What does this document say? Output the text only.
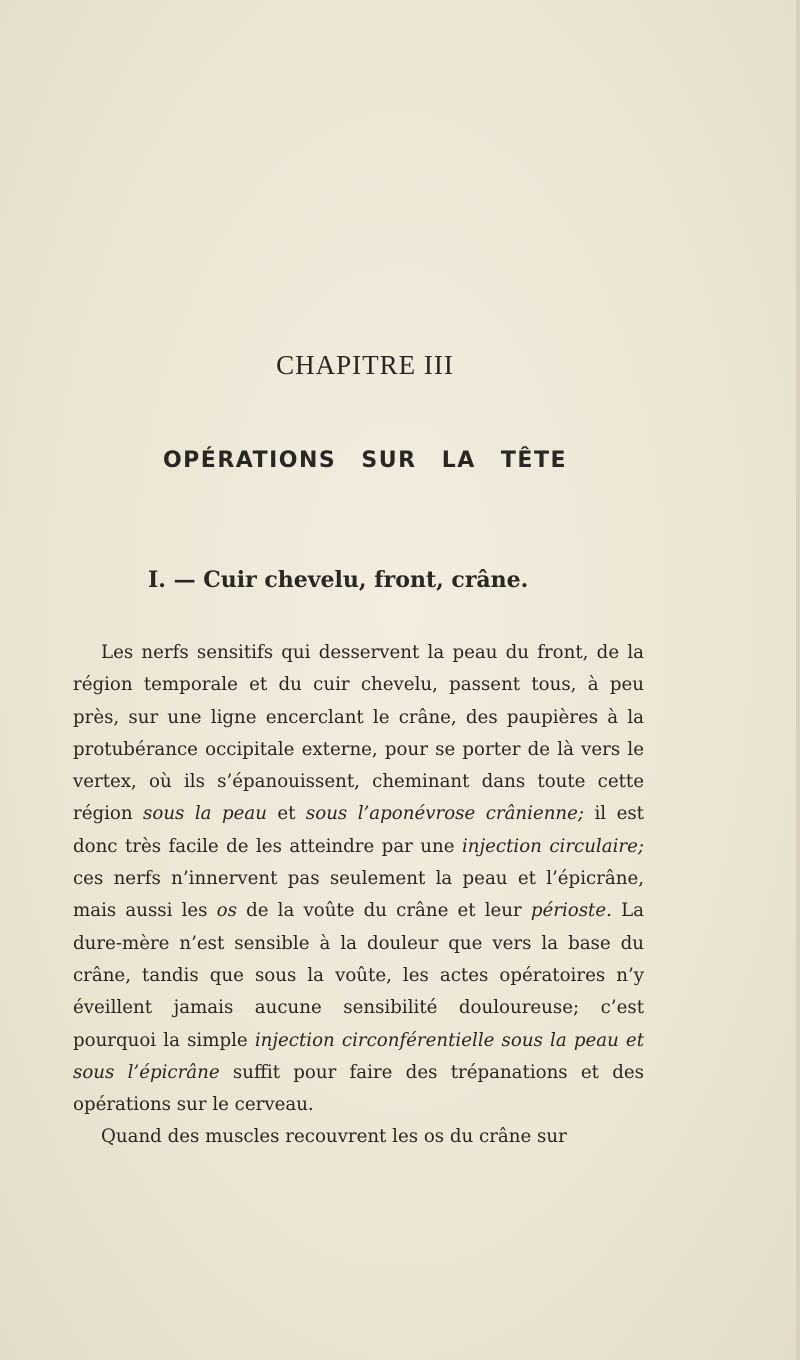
CHAPITRE III
OPÉRATIONS SUR LA TÊTE
I. — Cuir chevelu, front, crâne.

Les nerfs sensitifs qui desservent la peau du front, de la région temporale et du cuir chevelu, passent tous, à peu près, sur une ligne encerclant le crâne, des paupières à la protubérance occipitale externe, pour se porter de là vers le vertex, où ils s’épanouissent, cheminant dans toute cette région sous la peau et sous l’aponévrose crânienne; il est donc très facile de les atteindre par une injection circulaire; ces nerfs n’innervent pas seulement la peau et l’épicrâne, mais aussi les os de la voûte du crâne et leur périoste. La dure-mère n’est sensible à la douleur que vers la base du crâne, tandis que sous la voûte, les actes opératoires n’y éveillent jamais aucune sensibilité douloureuse; c’est pourquoi la simple injection circonférentielle sous la peau et sous l’épicrâne suffit pour faire des trépanations et des opérations sur le cerveau.

Quand des muscles recouvrent les os du crâne sur
